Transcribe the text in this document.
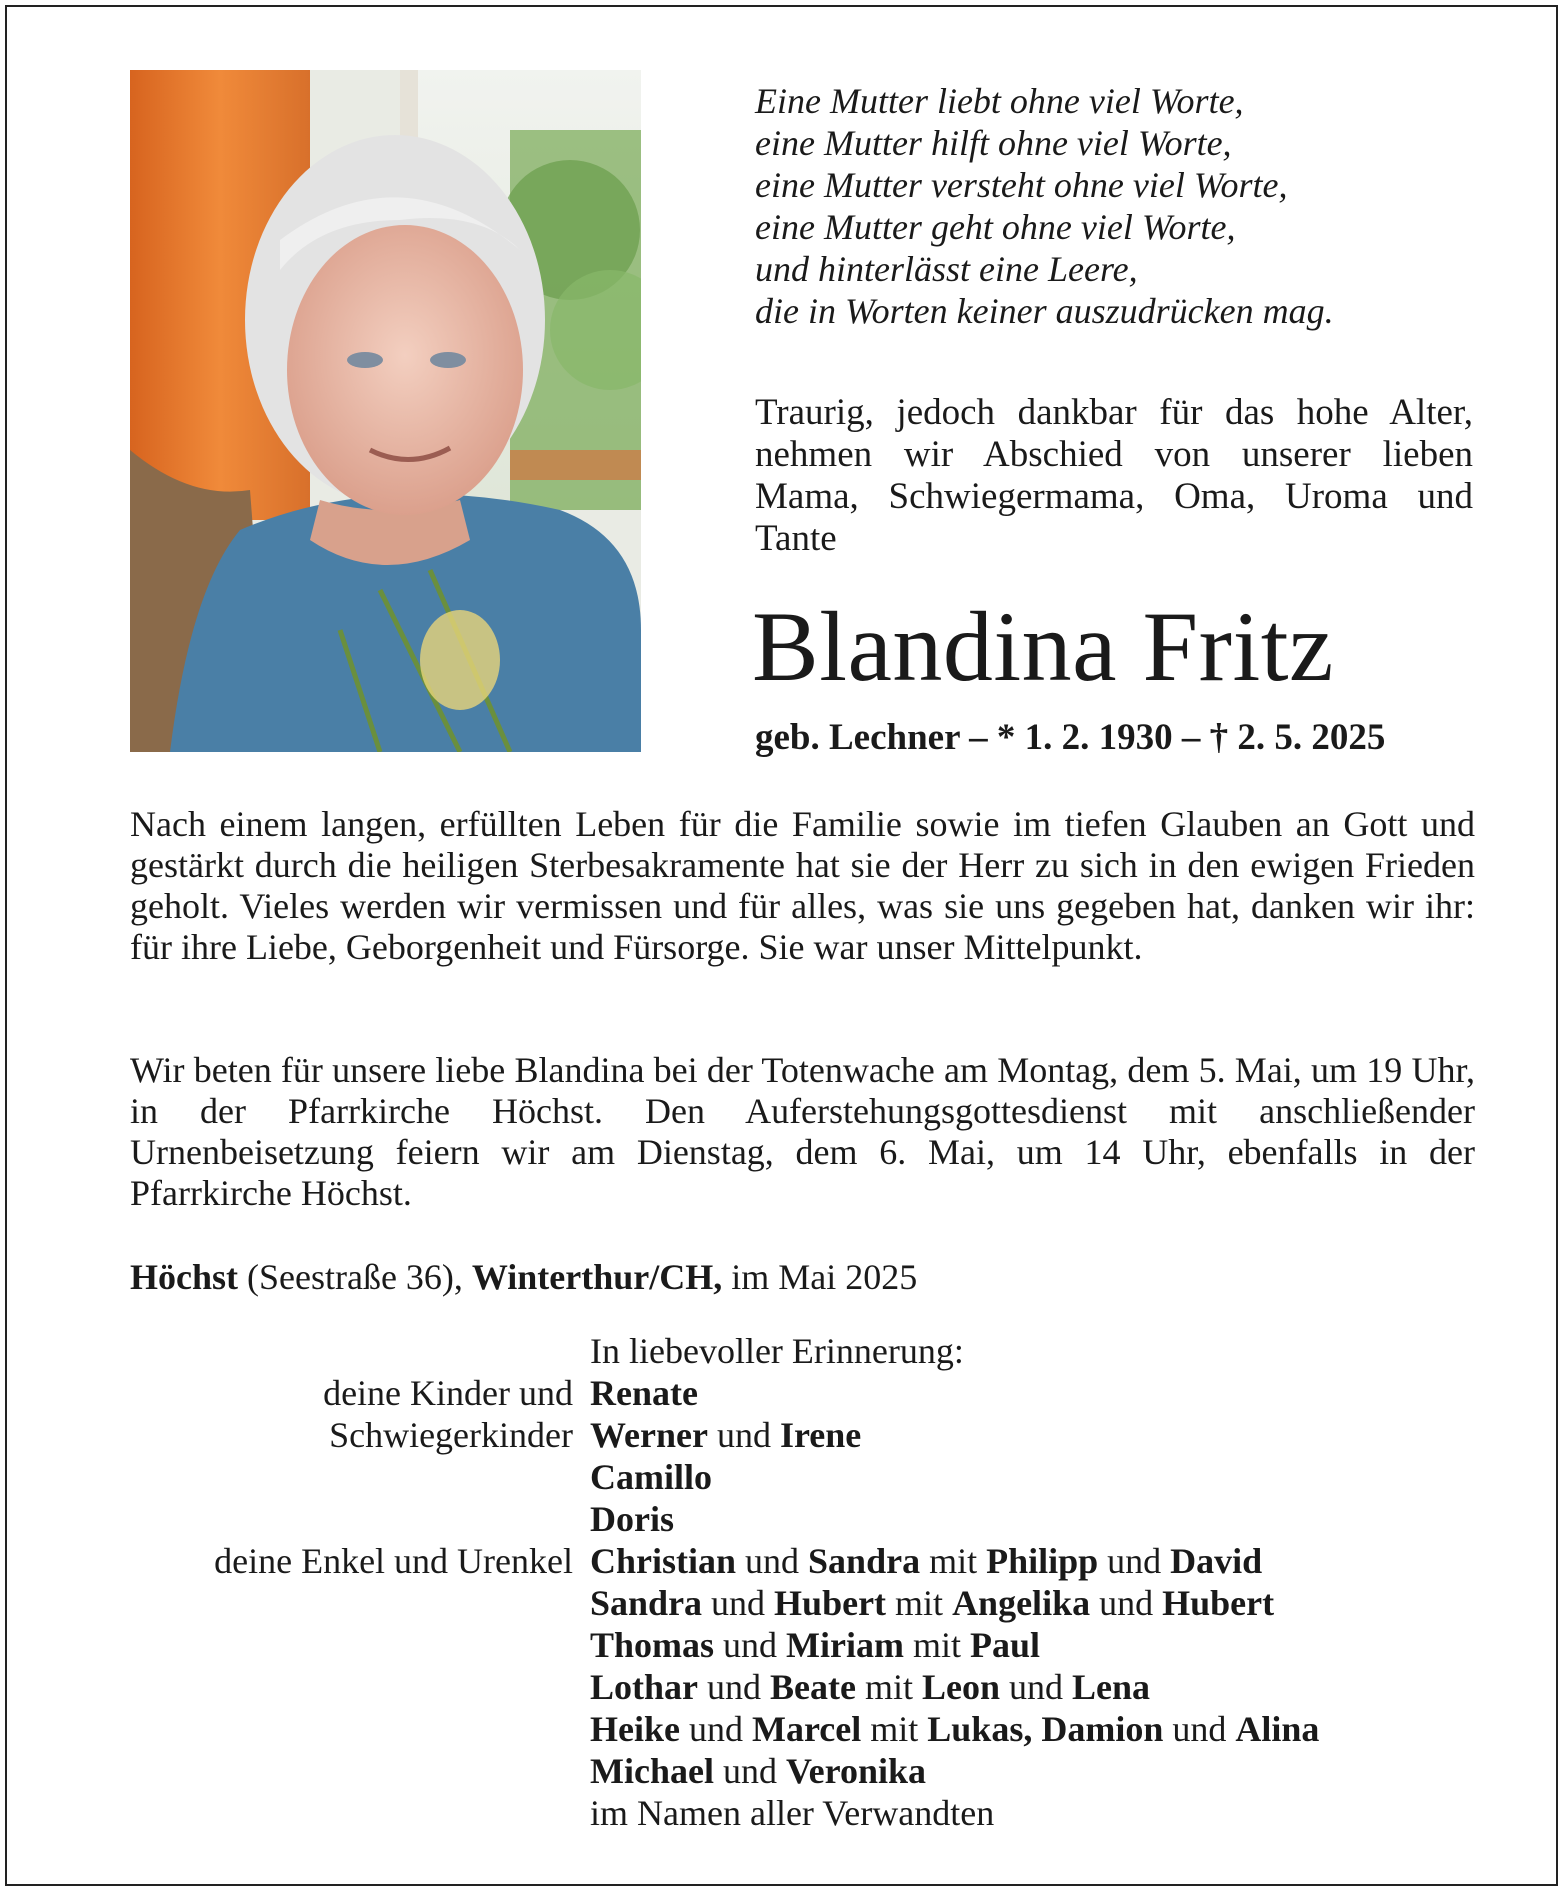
Eine Mutter liebt ohne viel Worte,
eine Mutter hilft ohne viel Worte,
eine Mutter versteht ohne viel Worte,
eine Mutter geht ohne viel Worte,
und hinterlässt eine Leere,
die in Worten keiner auszudrücken mag.
Traurig, jedoch dankbar für das hohe Alter, nehmen wir Abschied von unserer lieben Mama, Schwiegermama, Oma, Uroma und Tante
Blandina Fritz
geb. Lechner – * 1. 2. 1930 – † 2. 5. 2025
Nach einem langen, erfüllten Leben für die Familie sowie im tiefen Glauben an Gott und gestärkt durch die heiligen Sterbesakramente hat sie der Herr zu sich in den ewigen Frieden geholt. Vieles werden wir vermissen und für alles, was sie uns gegeben hat, danken wir ihr: für ihre Liebe, Geborgenheit und Fürsorge. Sie war unser Mittelpunkt.
Wir beten für unsere liebe Blandina bei der Totenwache am Montag, dem 5. Mai, um 19 Uhr, in der Pfarrkirche Höchst. Den Auferstehungsgottesdienst mit anschließender Urnenbeisetzung feiern wir am Dienstag, dem 6. Mai, um 14 Uhr, ebenfalls in der Pfarrkirche Höchst.
Höchst (Seestraße 36), Winterthur/CH, im Mai 2025
In liebevoller Erinnerung:
deine Kinder und Renate
Schwiegerkinder Werner und Irene
Camillo
Doris
deine Enkel und Urenkel Christian und Sandra mit Philipp und David
Sandra und Hubert mit Angelika und Hubert
Thomas und Miriam mit Paul
Lothar und Beate mit Leon und Lena
Heike und Marcel mit Lukas, Damion und Alina
Michael und Veronika
im Namen aller Verwandten
